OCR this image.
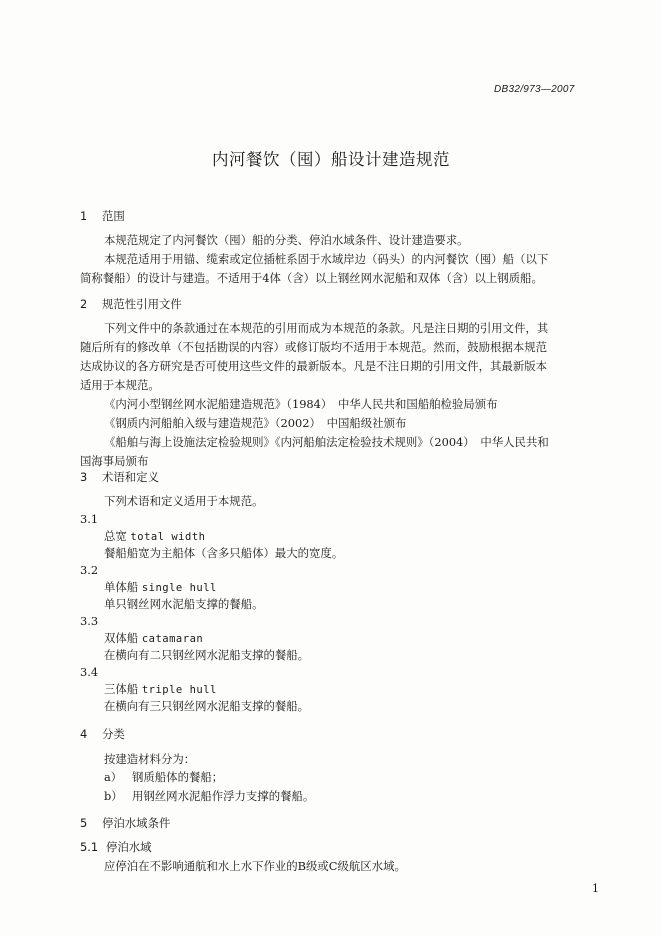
DB32/973—2007
内河餐饮（囤）船设计建造规范
1 范围
本规范规定了内河餐饮（囤）船的分类、停泊水域条件、设计建造要求。
本规范适用于用锚、缆索或定位插桩系固于水域岸边（码头）的内河餐饮（囤）船（以下
简称餐船）的设计与建造。不适用于4体（含）以上钢丝网水泥船和双体（含）以上钢质船。
2 规范性引用文件
下列文件中的条款通过在本规范的引用而成为本规范的条款。凡是注日期的引用文件，其
随后所有的修改单（不包括勘误的内容）或修订版均不适用于本规范。然而，鼓励根据本规范
达成协议的各方研究是否可使用这些文件的最新版本。凡是不注日期的引用文件，其最新版本
适用于本规范。
《内河小型钢丝网水泥船建造规范》（1984）　中华人民共和国船舶检验局颁布
《钢质内河船舶入级与建造规范》（2002）　中国船级社颁布
《船舶与海上设施法定检验规则》《内河船舶法定检验技术规则》（2004）　中华人民共和
国海事局颁布
3 术语和定义
下列术语和定义适用于本规范。
3.1
总宽 total width
餐船船宽为主船体（含多只船体）最大的宽度。
3.2
单体船 single hull
单只钢丝网水泥船支撑的餐船。
3.3
双体船 catamaran
在横向有二只钢丝网水泥船支撑的餐船。
3.4
三体船 triple hull
在横向有三只钢丝网水泥船支撑的餐船。
4 分类
按建造材料分为：
a） 钢质船体的餐船；
b） 用钢丝网水泥船作浮力支撑的餐船。
5 停泊水域条件
5.1 停泊水域
应停泊在不影响通航和水上水下作业的B级或C级航区水域。
1
